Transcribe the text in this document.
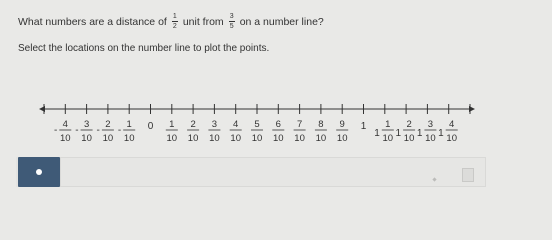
What numbers are a distance of $\frac{1}{2}$ unit from $\frac{3}{5}$ on a number line?
Select the locations on the number line to plot the points.
4
10
-
3
10
-
2
10
-
1
10
-	0 1
10
2
10
3
10
4
10
5
10
6
10
7
10
8
10
9
10
1 1
10
1
2
10
1
3
10
1
4
10
1
